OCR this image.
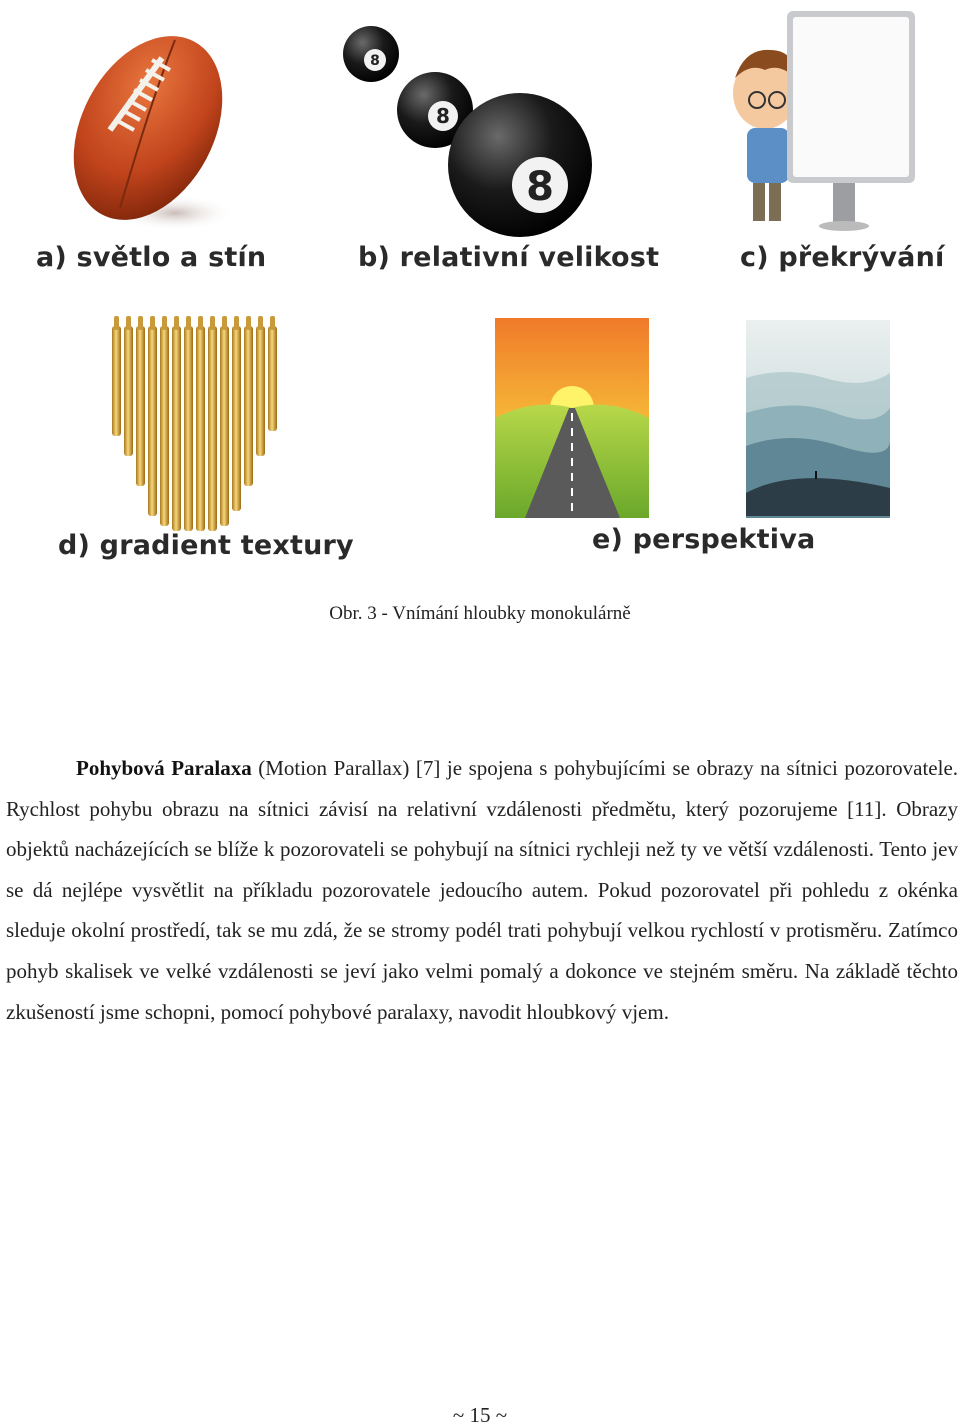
a) světlo a stín
8
8
8
b) relativní velikost	c) překrývání
d) gradient textury	e) perspektiva
Obr. 3 - Vnímání hloubky monokulárně

Pohybová Paralaxa (Motion Parallax) [7] je spojena s pohybujícími se obrazy na sítnici pozorovatele. Rychlost pohybu obrazu na sítnici závisí na relativní vzdálenosti předmětu, který pozorujeme [11]. Obrazy objektů nacházejících se blíže k pozorovateli se pohybují na sítnici rychleji než ty ve větší vzdálenosti. Tento jev se dá nejlépe vysvětlit na příkladu pozorovatele jedoucího autem. Pokud pozorovatel při pohledu z okénka sleduje okolní prostředí, tak se mu zdá, že se stromy podél trati pohybují velkou rychlostí v protisměru. Zatímco pohyb skalisek ve velké vzdálenosti se jeví jako velmi pomalý a dokonce ve stejném směru. Na základě těchto zkušeností jsme schopni, pomocí pohybové paralaxy, navodit hloubkový vjem.

~ 15 ~
